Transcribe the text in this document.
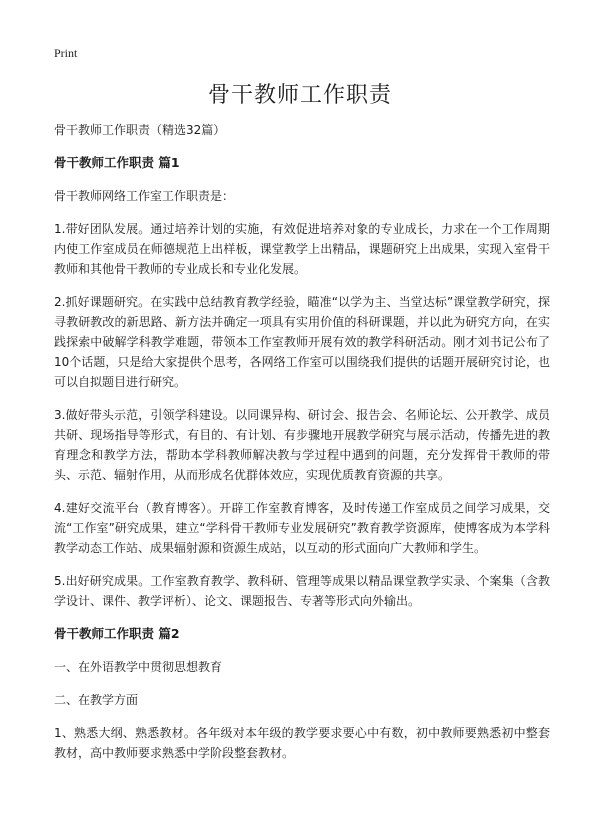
Print
骨干教师工作职责

骨干教师工作职责（精选32篇）

骨干教师工作职责 篇1

骨干教师网络工作室工作职责是：

1.带好团队发展。通过培养计划的实施，有效促进培养对象的专业成长，力求在一个工作周期内使工作室成员在师德规范上出样板，课堂教学上出精品，课题研究上出成果，实现入室骨干教师和其他骨干教师的专业成长和专业化发展。

2.抓好课题研究。在实践中总结教育教学经验，瞄准“以学为主、当堂达标”课堂教学研究，探寻教研教改的新思路、新方法并确定一项具有实用价值的科研课题，并以此为研究方向，在实践探索中破解学科教学难题，带领本工作室教师开展有效的教学科研活动。刚才刘书记公布了10个话题，只是给大家提供个思考，各网络工作室可以围绕我们提供的话题开展研究讨论，也可以自拟题目进行研究。

3.做好带头示范，引领学科建设。以同课异构、研讨会、报告会、名师论坛、公开教学、成员共研、现场指导等形式，有目的、有计划、有步骤地开展教学研究与展示活动，传播先进的教育理念和教学方法，帮助本学科教师解决教与学过程中遇到的问题，充分发挥骨干教师的带头、示范、辐射作用，从而形成名优群体效应，实现优质教育资源的共享。

4.建好交流平台（教育博客）。开辟工作室教育博客，及时传递工作室成员之间学习成果，交流“工作室”研究成果，建立“学科骨干教师专业发展研究”教育教学资源库，使博客成为本学科教学动态工作站、成果辐射源和资源生成站，以互动的形式面向广大教师和学生。

5.出好研究成果。工作室教育教学、教科研、管理等成果以精品课堂教学实录、个案集（含教学设计、课件、教学评析）、论文、课题报告、专著等形式向外输出。

骨干教师工作职责 篇2

一、在外语教学中贯彻思想教育

二、在教学方面

1、熟悉大纲、熟悉教材。各年级对本年级的教学要求要心中有数，初中教师要熟悉初中整套教材，高中教师要求熟悉中学阶段整套教材。
